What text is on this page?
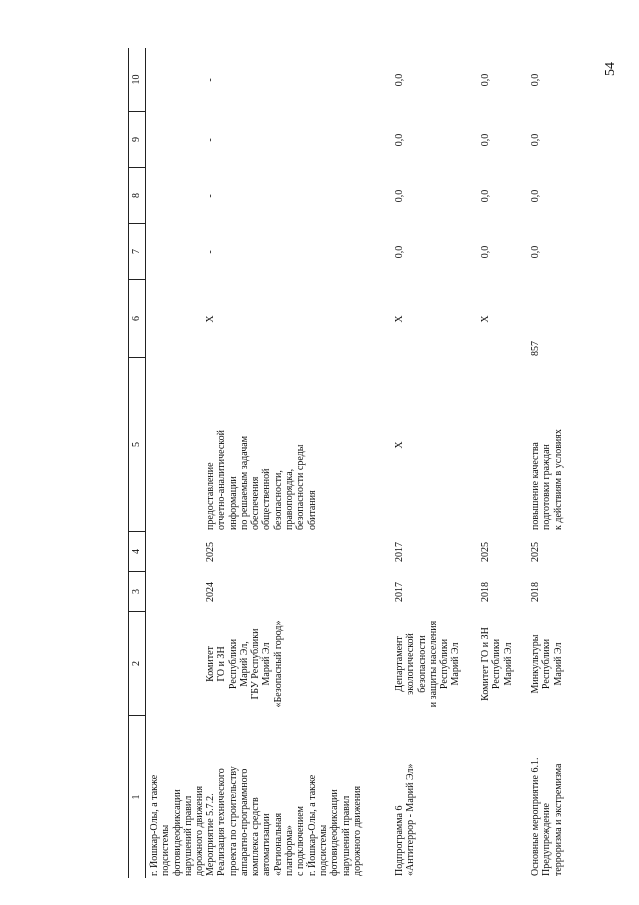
54
1
2
3
4
5
6
7
8
9
10
г. Йошкар-Олы, а также
подсистемы
фотовидеофиксации
нарушений правил
дорожного движения
Мероприятие 5.7.2.
Реализация технического
проекта по строительству
аппаратно-программного
комплекса средств
автоматизации
«Региональная
платформа»
с подключением
г. Йошкар-Олы, а также
подсистемы
фотовидеофиксации
нарушений правил
дорожного движения
Комитет
ГО и ЗН
Республики
Марий Эл,
ГБУ Республики
Марий Эл
«Безопасный город»
2024
2025
предоставление
отчетно-аналитической
информации
по решаемым задачам
обеспечения
общественной
безопасности,
правопорядка,
безопасности среды
обитания
X
-
-
-
-
Подпрограмма 6
«Антитеррор - Марий Эл»
Департамент
экологической
безопасности
и защиты населения
Республики
Марий Эл
2017
2017
X
X
0,0
0,0
0,0
0,0
Комитет ГО и ЗН
Республики
Марий Эл
2018
2025
X
0,0
0,0
0,0
0,0
Основные мероприятие 6.1.
Предупреждение
терроризма и экстремизма
Минкультуры
Республики
Марий Эл
2018
2025
повышение качества
подготовки граждан
к действиям в условиях
857
0,0
0,0
0,0
0,0
